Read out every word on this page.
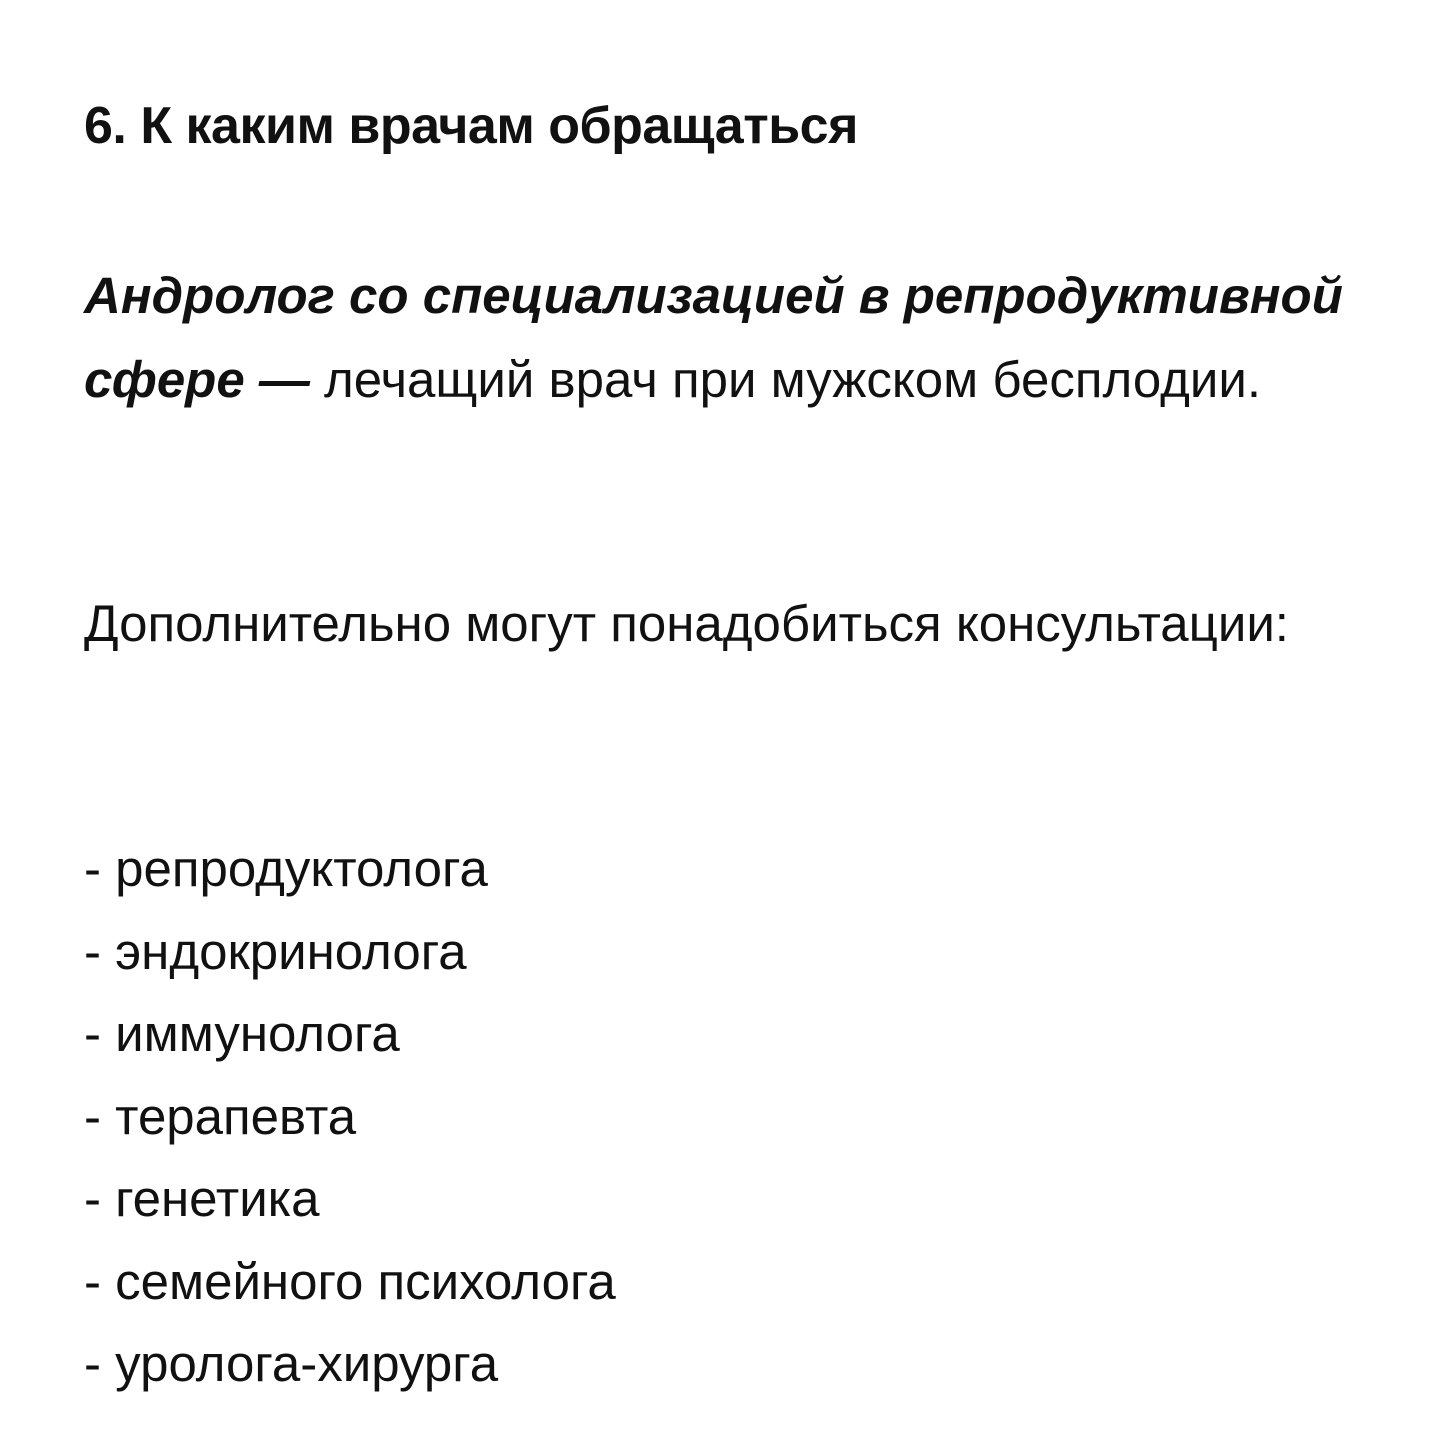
6. К каким врачам обращаться

Андролог со специализацией в репродуктивной сфере — лечащий врач при мужском бесплодии.

Дополнительно могут понадобиться консультации:

- репродуктолога
- эндокринолога
- иммунолога
- терапевта
- генетика
- семейного психолога
- уролога-хирурга
